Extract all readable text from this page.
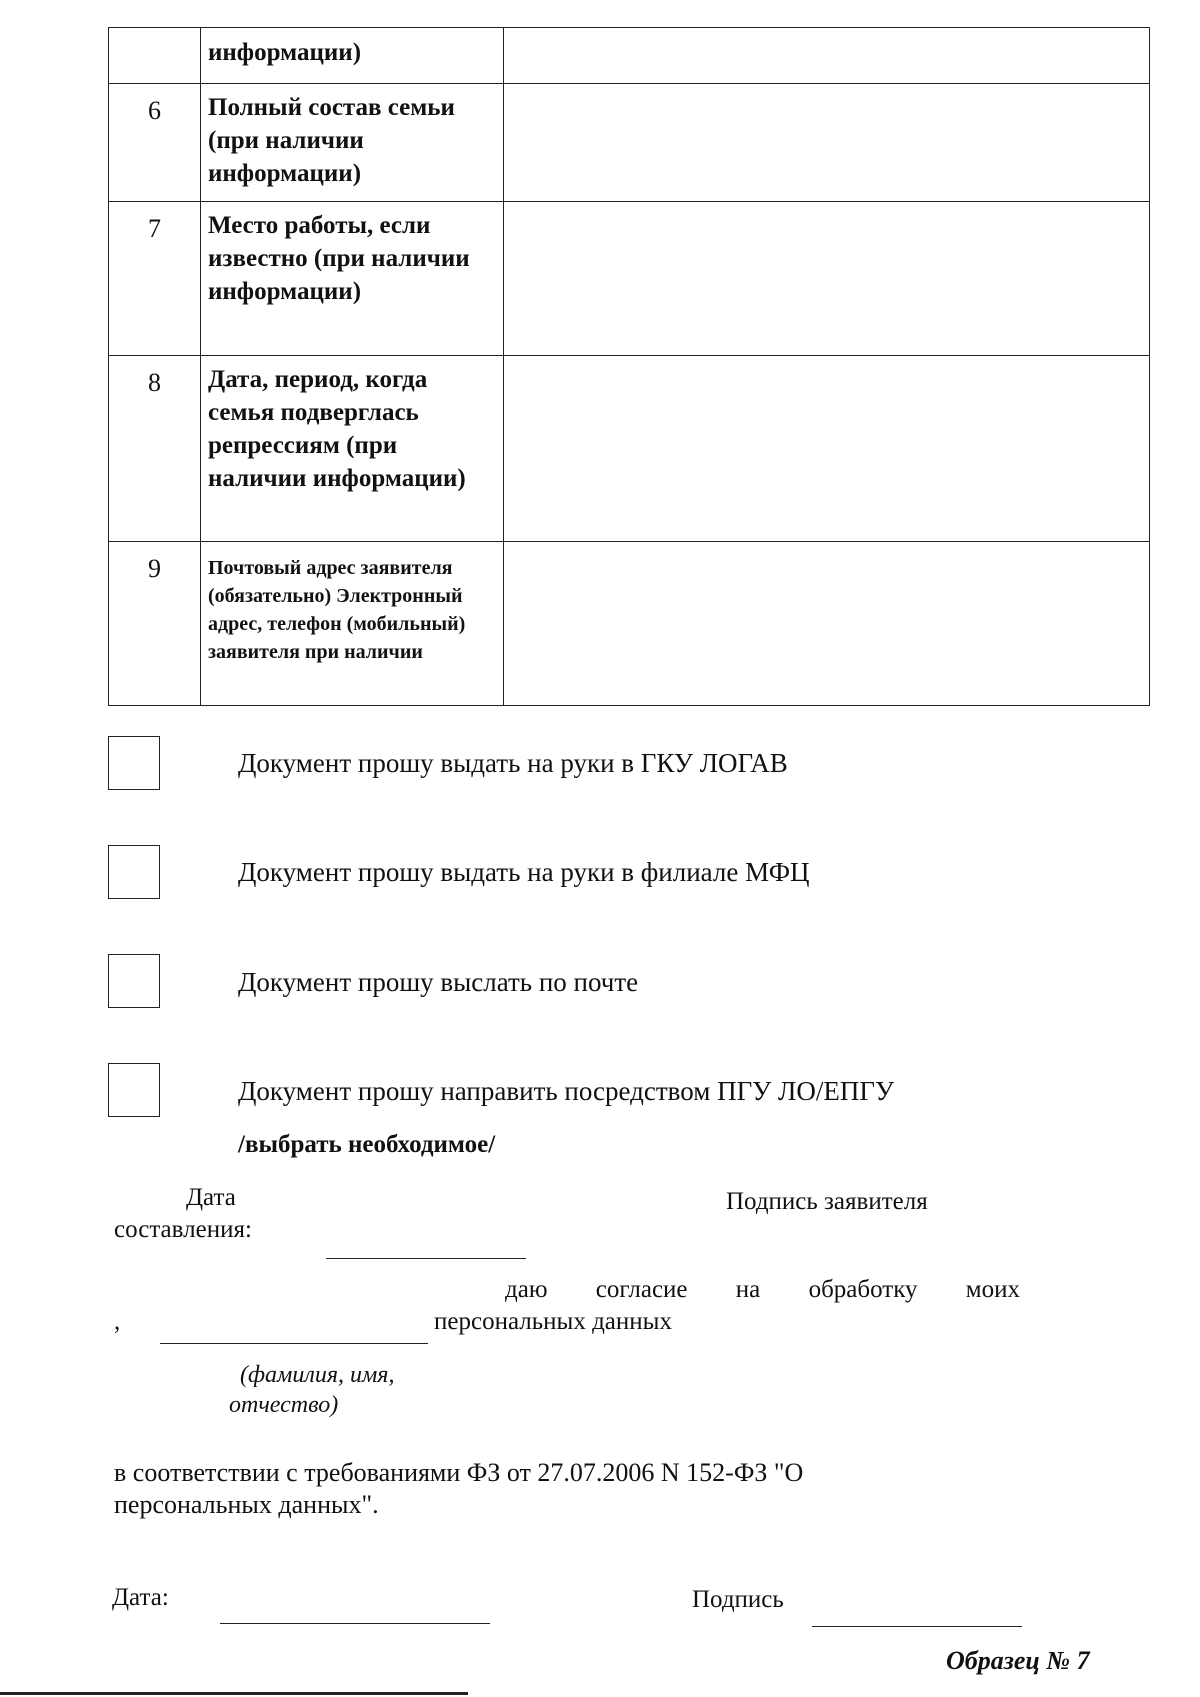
	информации)	
6	Полный состав семьи (при наличии информации)	
7	Место работы, если известно (при наличии информации)	
8	Дата, период, когда семья подверглась репрессиям (при наличии информации)	
9	Почтовый адрес заявителя (обязательно) Электронный адрес, телефон (мобильный) заявителя при наличии	
Документ прошу выдать на руки в ГКУ ЛОГАВ
Документ прошу выдать на руки в филиале МФЦ
Документ прошу выслать по почте
Документ прошу направить посредством ПГУ ЛО/ЕПГУ
/выбрать необходимое/
Дата
составления:
Подпись заявителя
даю согласие на обработку моих
,	персональных данных
(фамилия, имя,
отчество)
в соответствии с требованиями ФЗ от 27.07.2006 N 152-ФЗ "О
персональных данных".
Дата:	Подпись
Образец № 7
